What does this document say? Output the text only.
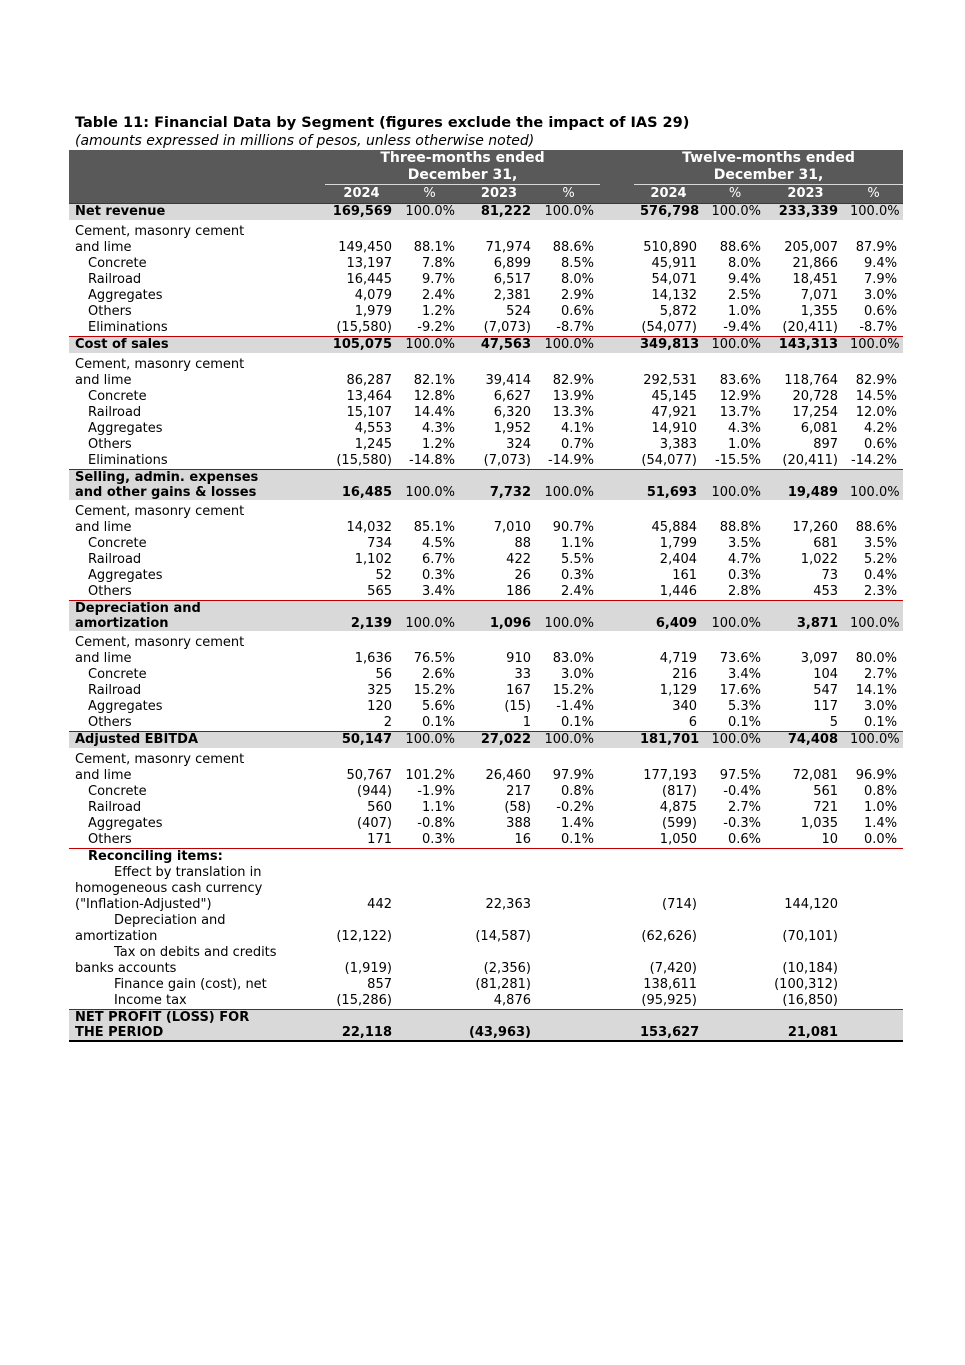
Table 11: Financial Data by Segment (figures exclude the impact of IAS 29)
(amounts expressed in millions of pesos, unless otherwise noted)
	Three-months ended
December 31,					Twelve-months ended
December 31,			
	2024	%	2023	%		2024	%	2023	%
Net revenue	169,569	100.0%	81,222	100.0%		576,798	100.0%	233,339	100.0%

Cement, masonry cement									
and lime	149,450	88.1%	71,974	88.6%		510,890	88.6%	205,007	87.9%
Concrete	13,197	7.8%	6,899	8.5%		45,911	8.0%	21,866	9.4%
Railroad	16,445	9.7%	6,517	8.0%		54,071	9.4%	18,451	7.9%
Aggregates	4,079	2.4%	2,381	2.9%		14,132	2.5%	7,071	3.0%
Others	1,979	1.2%	524	0.6%		5,872	1.0%	1,355	0.6%
Eliminations	(15,580)	-9.2%	(7,073)	-8.7%		(54,077)	-9.4%	(20,411)	-8.7%
Cost of sales	105,075	100.0%	47,563	100.0%		349,813	100.0%	143,313	100.0%

Cement, masonry cement									
and lime	86,287	82.1%	39,414	82.9%		292,531	83.6%	118,764	82.9%
Concrete	13,464	12.8%	6,627	13.9%		45,145	12.9%	20,728	14.5%
Railroad	15,107	14.4%	6,320	13.3%		47,921	13.7%	17,254	12.0%
Aggregates	4,553	4.3%	1,952	4.1%		14,910	4.3%	6,081	4.2%
Others	1,245	1.2%	324	0.7%		3,383	1.0%	897	0.6%
Eliminations	(15,580)	-14.8%	(7,073)	-14.9%		(54,077)	-15.5%	(20,411)	-14.2%
Selling, admin. expenses
and other gains & losses	16,485	100.0%	7,732	100.0%		51,693	100.0%	19,489	100.0%

Cement, masonry cement									
and lime	14,032	85.1%	7,010	90.7%		45,884	88.8%	17,260	88.6%
Concrete	734	4.5%	88	1.1%		1,799	3.5%	681	3.5%
Railroad	1,102	6.7%	422	5.5%		2,404	4.7%	1,022	5.2%
Aggregates	52	0.3%	26	0.3%		161	0.3%	73	0.4%
Others	565	3.4%	186	2.4%		1,446	2.8%	453	2.3%
Depreciation and
amortization	2,139	100.0%	1,096	100.0%		6,409	100.0%	3,871	100.0%

Cement, masonry cement									
and lime	1,636	76.5%	910	83.0%		4,719	73.6%	3,097	80.0%
Concrete	56	2.6%	33	3.0%		216	3.4%	104	2.7%
Railroad	325	15.2%	167	15.2%		1,129	17.6%	547	14.1%
Aggregates	120	5.6%	(15)	-1.4%		340	5.3%	117	3.0%
Others	2	0.1%	1	0.1%		6	0.1%	5	0.1%
Adjusted EBITDA	50,147	100.0%	27,022	100.0%		181,701	100.0%	74,408	100.0%

Cement, masonry cement									
and lime	50,767	101.2%	26,460	97.9%		177,193	97.5%	72,081	96.9%
Concrete	(944)	-1.9%	217	0.8%		(817)	-0.4%	561	0.8%
Railroad	560	1.1%	(58)	-0.2%		4,875	2.7%	721	1.0%
Aggregates	(407)	-0.8%	388	1.4%		(599)	-0.3%	1,035	1.4%
Others	171	0.3%	16	0.1%		1,050	0.6%	10	0.0%
Reconciling items:									
Effect by translation in									
homogeneous cash currency									
("Inflation-Adjusted")	442		22,363			(714)		144,120	
Depreciation and									
amortization	(12,122)		(14,587)			(62,626)		(70,101)	
Tax on debits and credits									
banks accounts	(1,919)		(2,356)			(7,420)		(10,184)	
Finance gain (cost), net	857		(81,281)			138,611		(100,312)	
Income tax	(15,286)		4,876			(95,925)		(16,850)	
NET PROFIT (LOSS) FOR
THE PERIOD	22,118		(43,963)			153,627		21,081	
